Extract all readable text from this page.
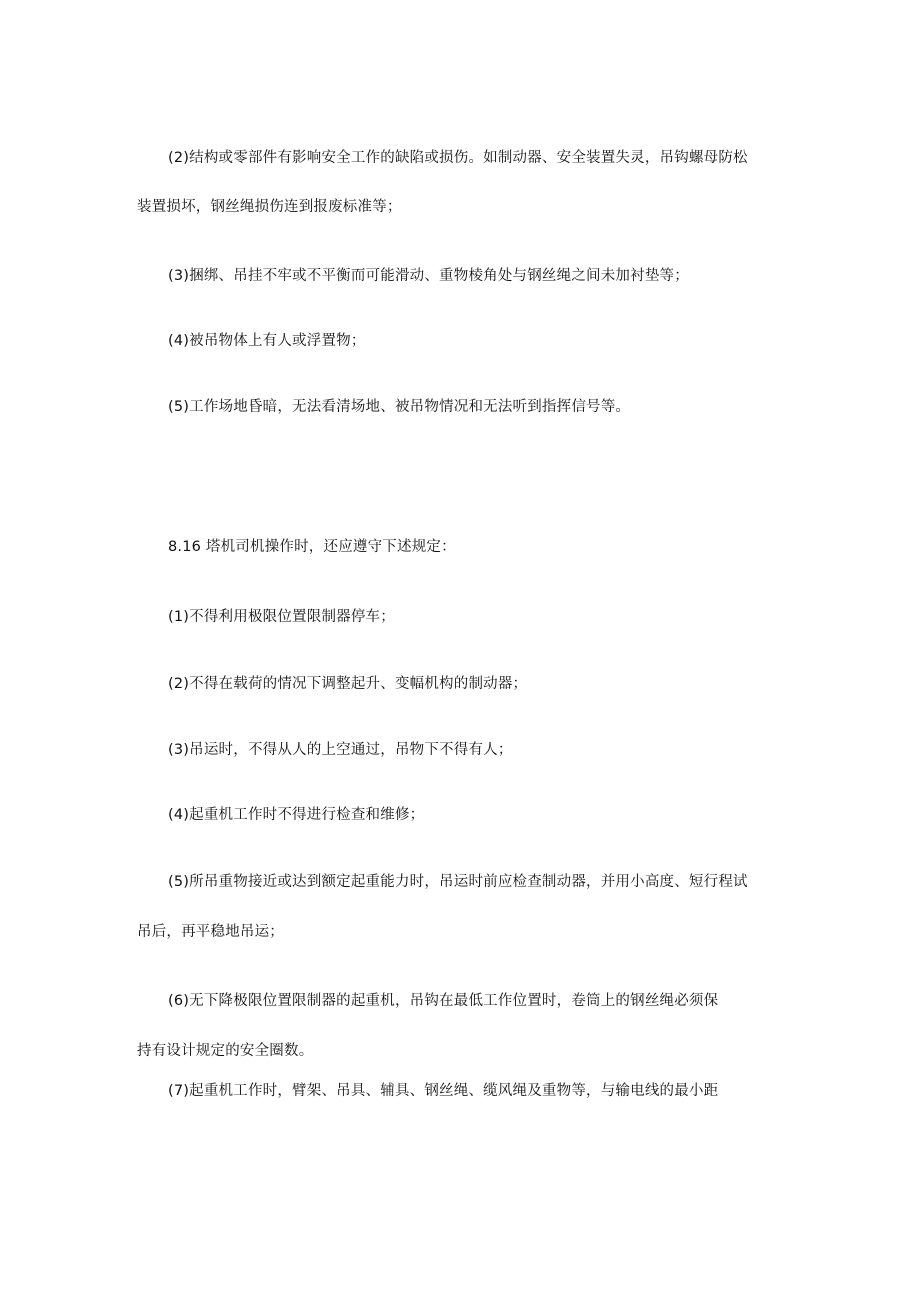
(2)结构或零部件有影响安全工作的缺陷或损伤。如制动器、安全装置失灵，吊钩螺母防松
装置损坏，钢丝绳损伤连到报废标准等；
(3)捆绑、吊挂不牢或不平衡而可能滑动、重物棱角处与钢丝绳之间未加衬垫等；
(4)被吊物体上有人或浮置物；
(5)工作场地昏暗，无法看清场地、被吊物情况和无法听到指挥信号等。
8.16 塔机司机操作时，还应遵守下述规定：
(1)不得利用极限位置限制器停车；
(2)不得在载荷的情况下调整起升、变幅机构的制动器；
(3)吊运时，不得从人的上空通过，吊物下不得有人；
(4)起重机工作时不得进行检查和维修；
(5)所吊重物接近或达到额定起重能力时，吊运时前应检查制动器，并用小高度、短行程试
吊后，再平稳地吊运；
(6)无下降极限位置限制器的起重机，吊钩在最低工作位置时，卷筒上的钢丝绳必须保
持有设计规定的安全圈数。
(7)起重机工作时，臂架、吊具、辅具、钢丝绳、缆风绳及重物等，与输电线的最小距
